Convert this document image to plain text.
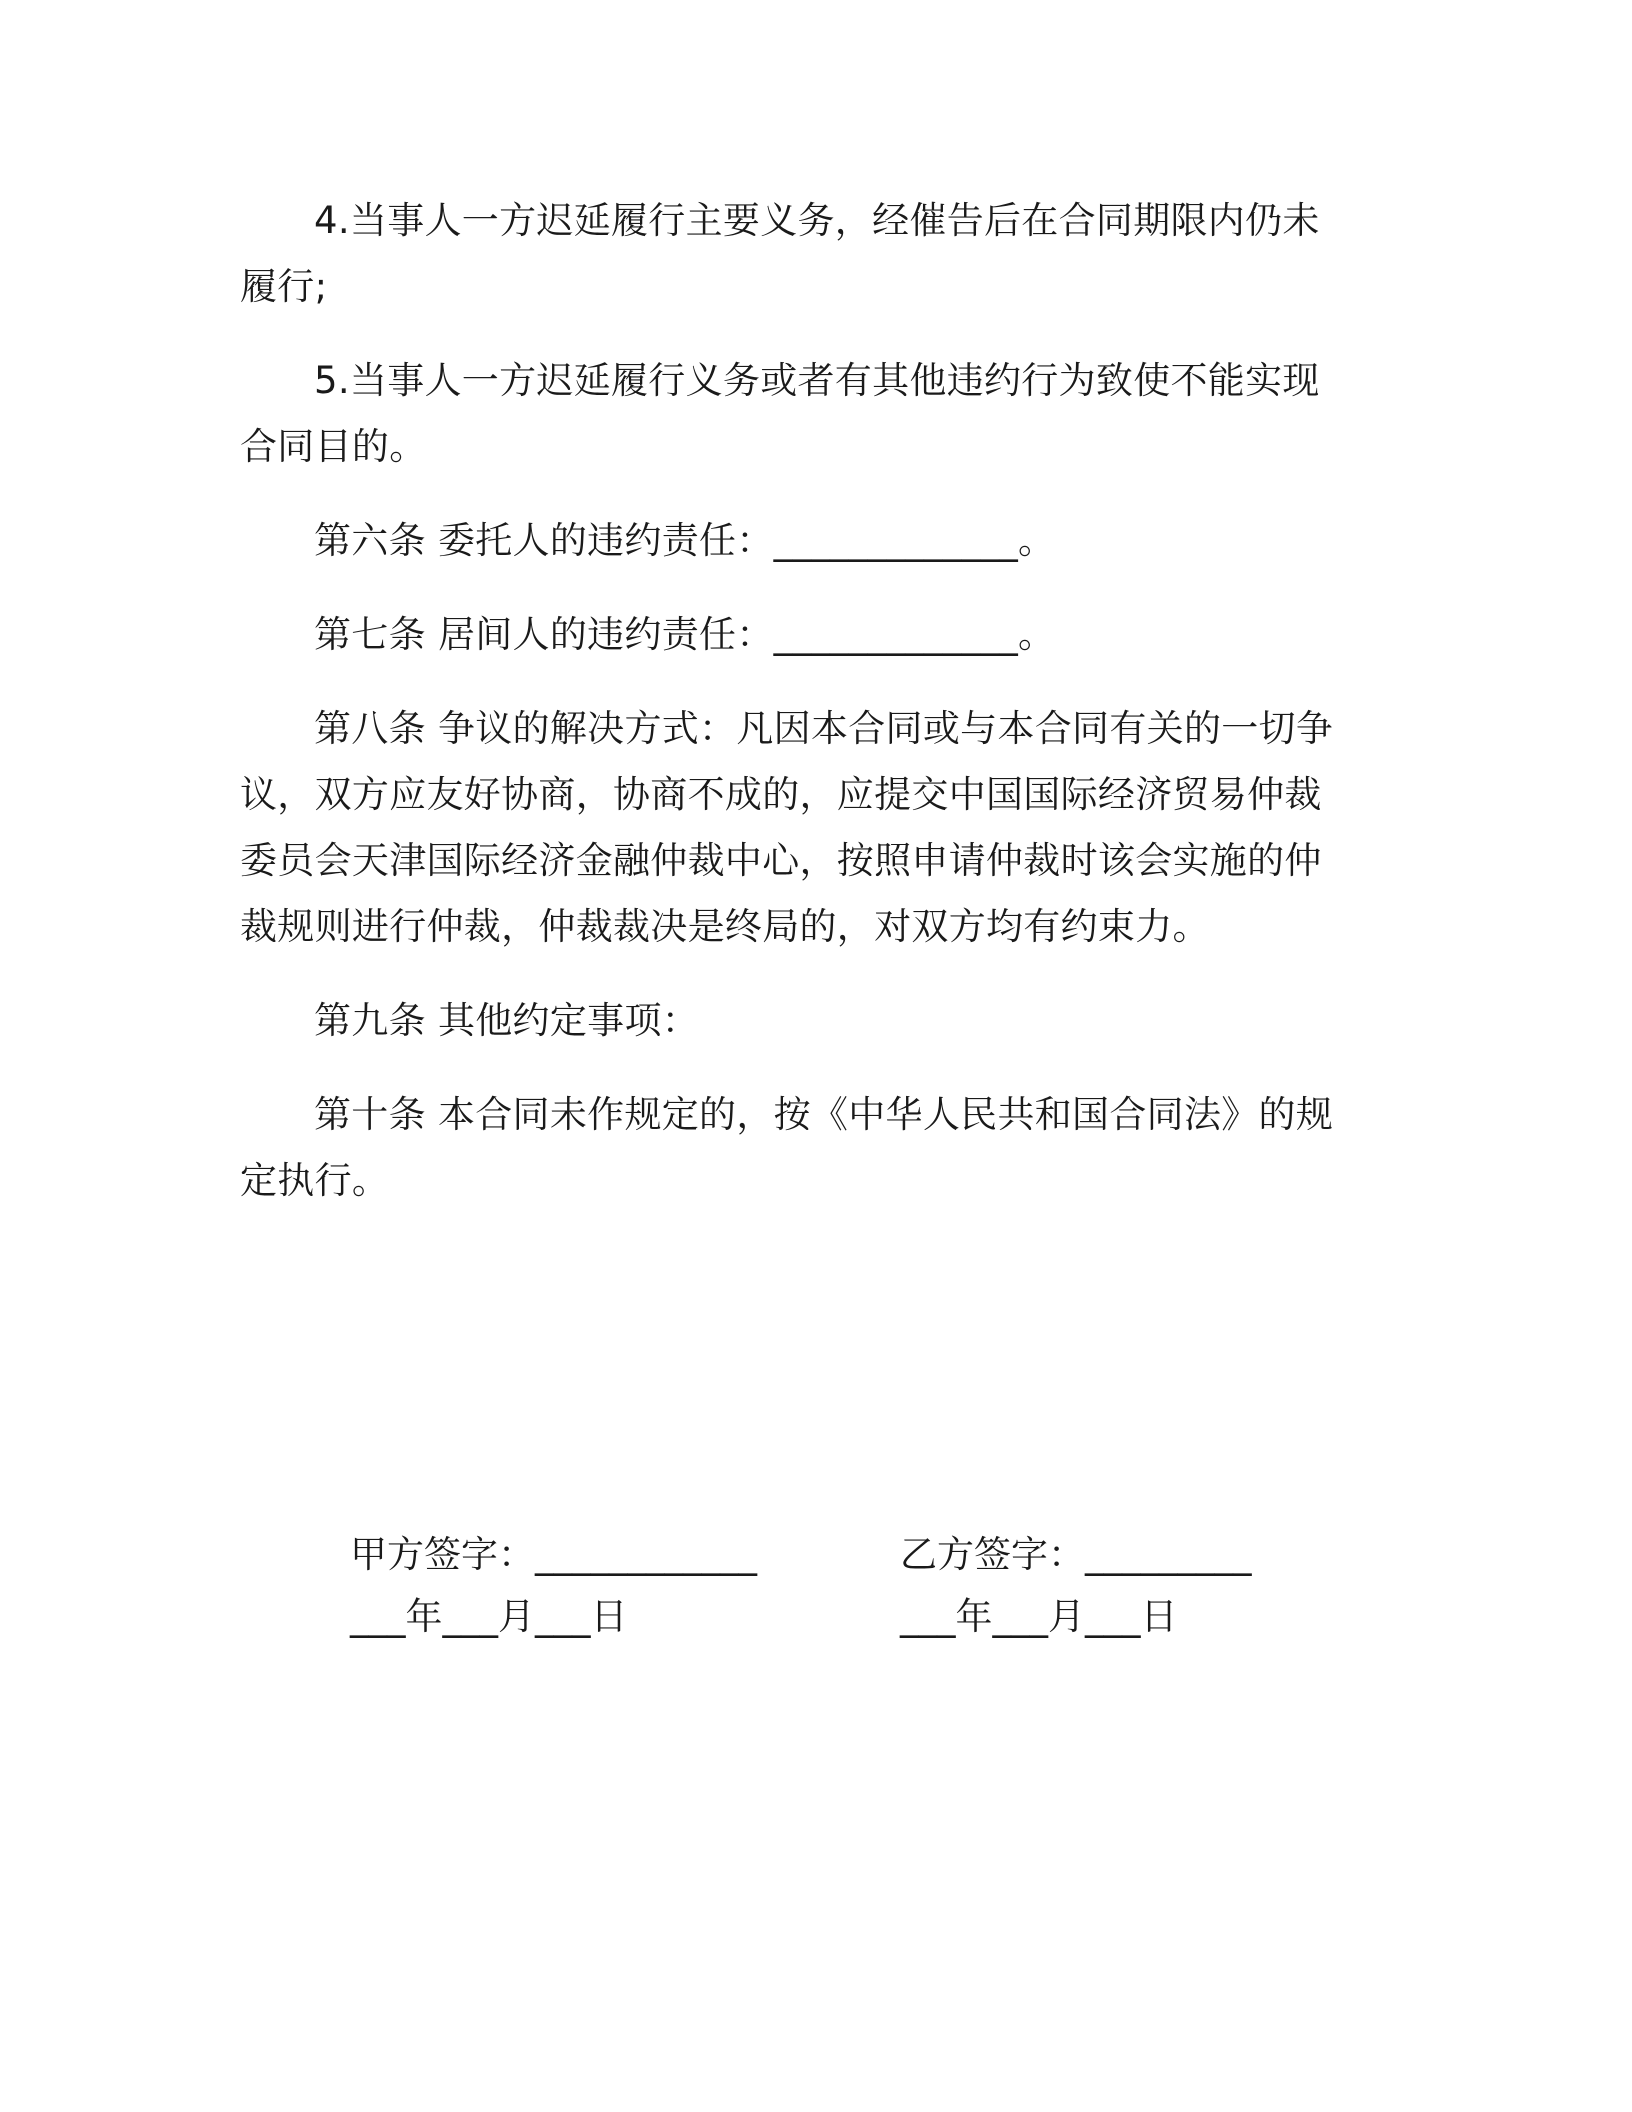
4.当事人一方迟延履行主要义务，经催告后在合同期限内仍未履行;

5.当事人一方迟延履行义务或者有其他违约行为致使不能实现合同目的。

第六条 委托人的违约责任：_____________。

第七条 居间人的违约责任：_____________。

第八条 争议的解决方式：凡因本合同或与本合同有关的一切争议，双方应友好协商，协商不成的，应提交中国国际经济贸易仲裁委员会天津国际经济金融仲裁中心，按照申请仲裁时该会实施的仲裁规则进行仲裁，仲裁裁决是终局的，对双方均有约束力。

第九条 其他约定事项：

第十条 本合同未作规定的，按《中华人民共和国合同法》的规定执行。

甲方签字：____________
___年___月___日
乙方签字：_________
___年___月___日
